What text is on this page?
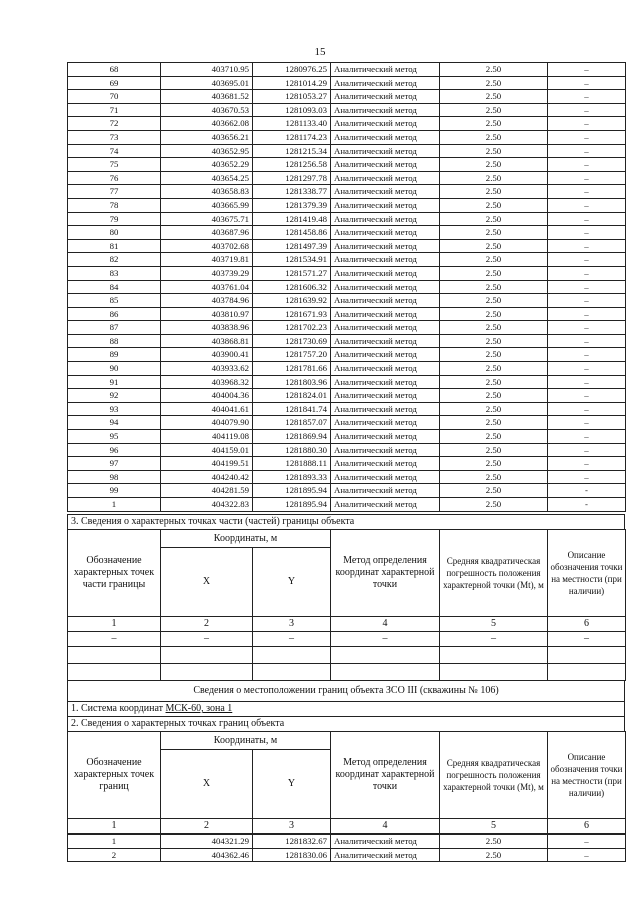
15
68	403710.95	1280976.25	Аналитический метод	2.50	–
69	403695.01	1281014.29	Аналитический метод	2.50	–
70	403681.52	1281053.27	Аналитический метод	2.50	–
71	403670.53	1281093.03	Аналитический метод	2.50	–
72	403662.08	1281133.40	Аналитический метод	2.50	–
73	403656.21	1281174.23	Аналитический метод	2.50	–
74	403652.95	1281215.34	Аналитический метод	2.50	–
75	403652.29	1281256.58	Аналитический метод	2.50	–
76	403654.25	1281297.78	Аналитический метод	2.50	–
77	403658.83	1281338.77	Аналитический метод	2.50	–
78	403665.99	1281379.39	Аналитический метод	2.50	–
79	403675.71	1281419.48	Аналитический метод	2.50	–
80	403687.96	1281458.86	Аналитический метод	2.50	–
81	403702.68	1281497.39	Аналитический метод	2.50	–
82	403719.81	1281534.91	Аналитический метод	2.50	–
83	403739.29	1281571.27	Аналитический метод	2.50	–
84	403761.04	1281606.32	Аналитический метод	2.50	–
85	403784.96	1281639.92	Аналитический метод	2.50	–
86	403810.97	1281671.93	Аналитический метод	2.50	–
87	403838.96	1281702.23	Аналитический метод	2.50	–
88	403868.81	1281730.69	Аналитический метод	2.50	–
89	403900.41	1281757.20	Аналитический метод	2.50	–
90	403933.62	1281781.66	Аналитический метод	2.50	–
91	403968.32	1281803.96	Аналитический метод	2.50	–
92	404004.36	1281824.01	Аналитический метод	2.50	–
93	404041.61	1281841.74	Аналитический метод	2.50	–
94	404079.90	1281857.07	Аналитический метод	2.50	–
95	404119.08	1281869.94	Аналитический метод	2.50	–
96	404159.01	1281880.30	Аналитический метод	2.50	–
97	404199.51	1281888.11	Аналитический метод	2.50	–
98	404240.42	1281893.33	Аналитический метод	2.50	–
99	404281.59	1281895.94	Аналитический метод	2.50	-
1	404322.83	1281895.94	Аналитический метод	2.50	-
3. Сведения о характерных точках части (частей) границы объекта
Обозначение характерных точек части границы	Координаты, м		Метод определения координат характерной точки	Средняя квадратическая погрешность положения характерной точки (Mt), м	Описание обозначения точки на местности (при наличии)
	X	Y			
1	2	3	4	5	6
–	–	–	–	–	–

Сведения о местоположении границ объекта ЗСО III (скважины № 106)
1. Система координат МСК-60, зона 1
2. Сведения о характерных точках границ объекта
Обозначение характерных точек границ	Координаты, м		Метод определения координат характерной точки	Средняя квадратическая погрешность положения характерной точки (Mt), м	Описание обозначения точки на местности (при наличии)
	X	Y			
1	2	3	4	5	6
1	404321.29	1281832.67	Аналитический метод	2.50	–
2	404362.46	1281830.06	Аналитический метод	2.50	–
